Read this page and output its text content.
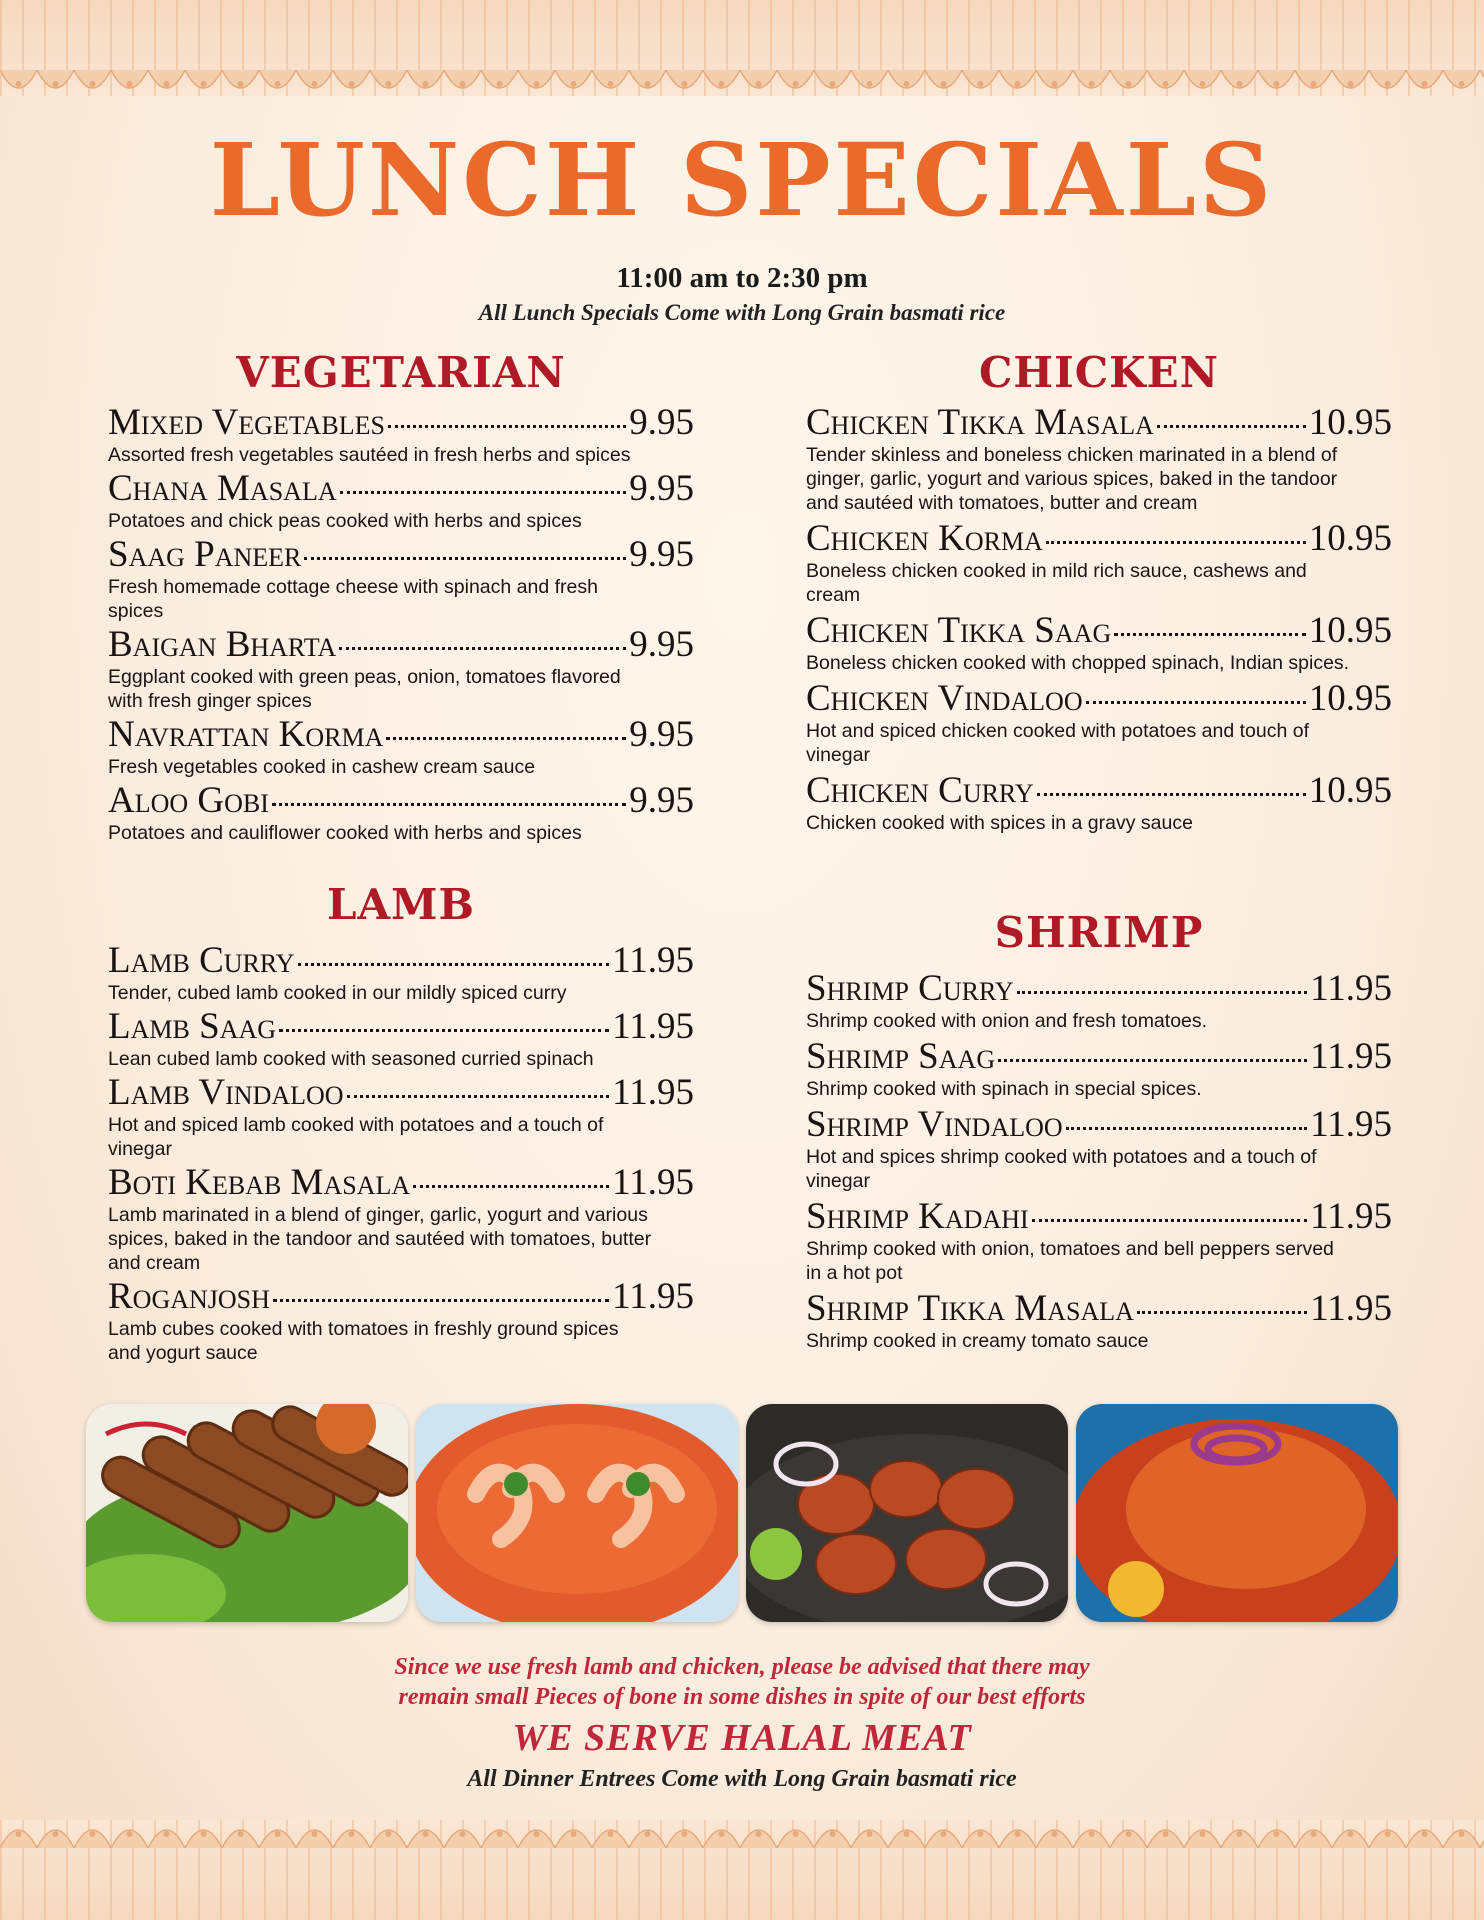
LUNCH SPECIALS
11:00 am to 2:30 pm
All Lunch Specials Come with Long Grain basmati rice
VEGETARIAN
Mixed Vegetables	9.95

Assorted fresh vegetables sautéed in fresh herbs and spices

Chana Masala	9.95

Potatoes and chick peas cooked with herbs and spices

Saag Paneer	9.95

Fresh homemade cottage cheese with spinach and fresh spices

Baigan Bharta	9.95

Eggplant cooked with green peas, onion, tomatoes flavored with fresh ginger spices

Navrattan Korma	9.95

Fresh vegetables cooked in cashew cream sauce

Aloo Gobi	9.95

Potatoes and cauliflower cooked with herbs and spices

LAMB
Lamb Curry	11.95

Tender, cubed lamb cooked in our mildly spiced curry

Lamb Saag	11.95

Lean cubed lamb cooked with seasoned curried spinach

Lamb Vindaloo	11.95

Hot and spiced lamb cooked with potatoes and a touch of vinegar

Boti Kebab Masala	11.95

Lamb marinated in a blend of ginger, garlic, yogurt and various spices, baked in the tandoor and sautéed with tomatoes, butter and cream

Roganjosh	11.95

Lamb cubes cooked with tomatoes in freshly ground spices and yogurt sauce

CHICKEN
Chicken Tikka Masala	10.95

Tender skinless and boneless chicken marinated in a blend of ginger, garlic, yogurt and various spices, baked in the tandoor and sautéed with tomatoes, butter and cream

Chicken Korma	10.95

Boneless chicken cooked in mild rich sauce, cashews and cream

Chicken Tikka Saag	10.95

Boneless chicken cooked with chopped spinach, Indian spices.

Chicken Vindaloo	10.95

Hot and spiced chicken cooked with potatoes and touch of vinegar

Chicken Curry	10.95

Chicken cooked with spices in a gravy sauce

SHRIMP
Shrimp Curry	11.95

Shrimp cooked with onion and fresh tomatoes.

Shrimp Saag	11.95

Shrimp cooked with spinach in special spices.

Shrimp Vindaloo	11.95

Hot and spices shrimp cooked with potatoes and a touch of vinegar

Shrimp Kadahi	11.95

Shrimp cooked with onion, tomatoes and bell peppers served in a hot pot

Shrimp Tikka Masala	11.95

Shrimp cooked in creamy tomato sauce

Since we use fresh lamb and chicken, please be advised that there may
remain small Pieces of bone in some dishes in spite of our best efforts
WE SERVE HALAL MEAT
All Dinner Entrees Come with Long Grain basmati rice
